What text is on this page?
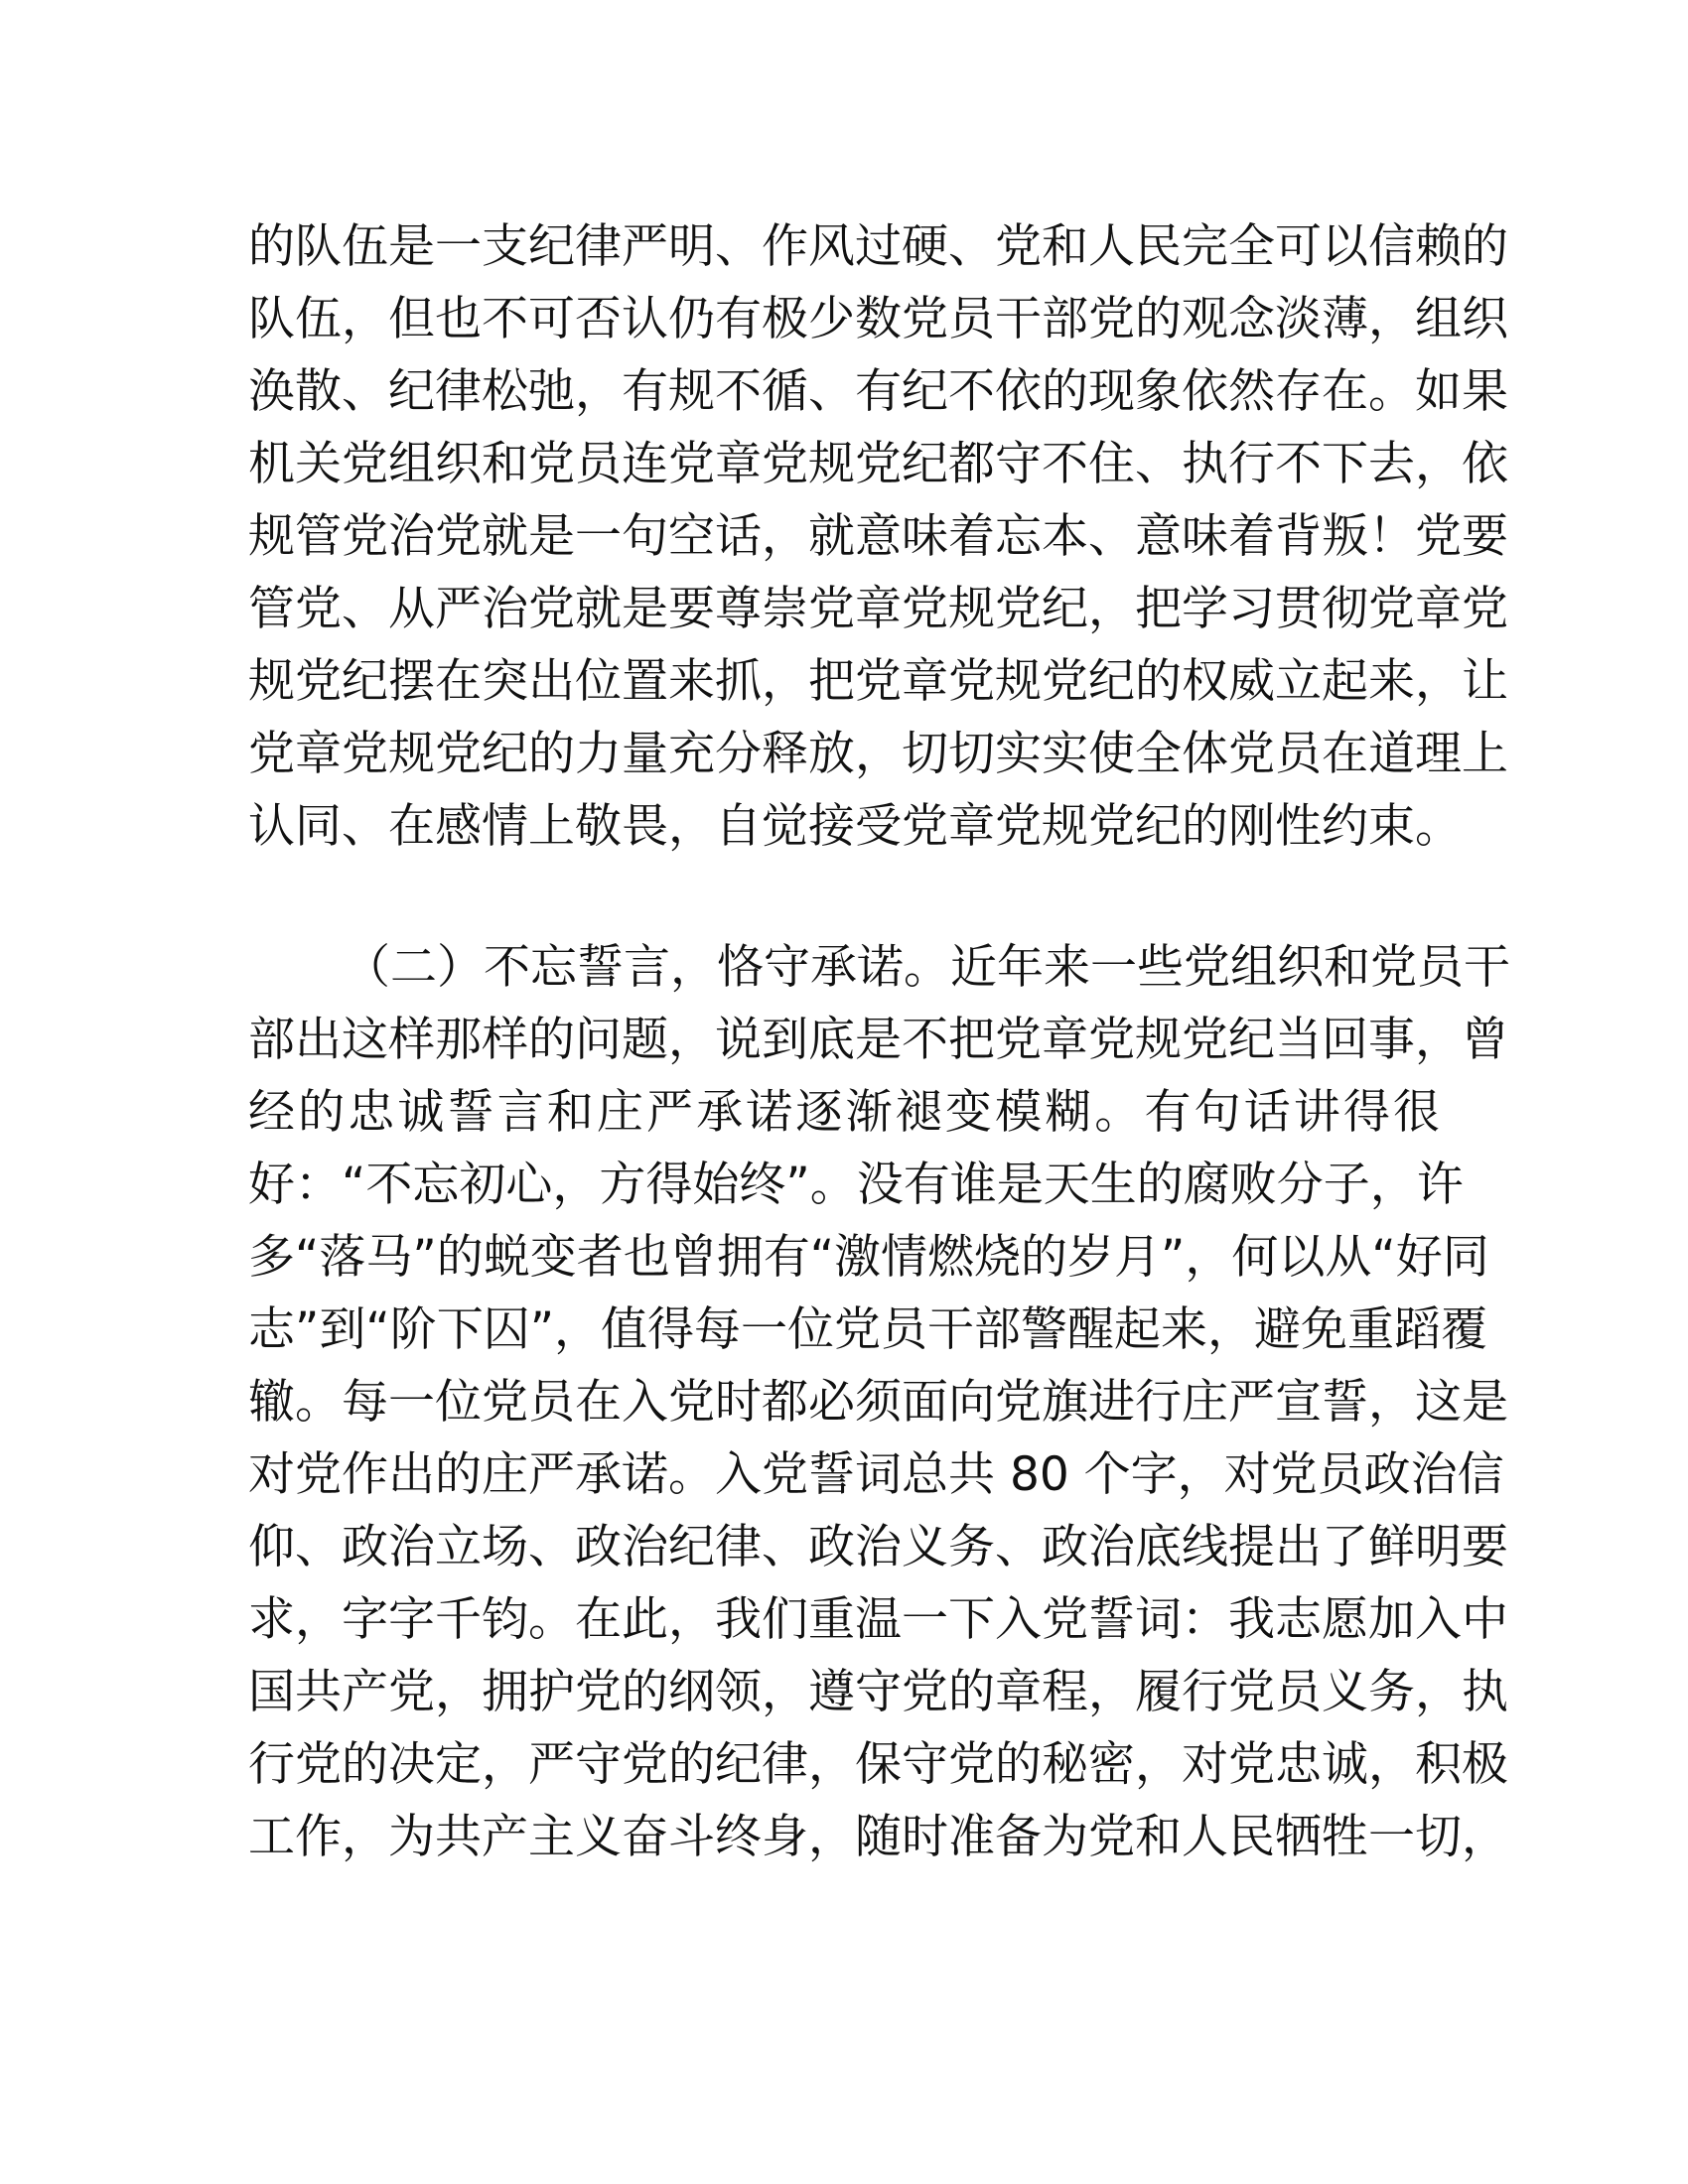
的队伍是一支纪律严明、作风过硬、党和人民完全可以信赖的
队伍，但也不可否认仍有极少数党员干部党的观念淡薄，组织
涣散、纪律松弛，有规不循、有纪不依的现象依然存在。如果
机关党组织和党员连党章党规党纪都守不住、执行不下去，依
规管党治党就是一句空话，就意味着忘本、意味着背叛！党要
管党、从严治党就是要尊崇党章党规党纪，把学习贯彻党章党
规党纪摆在突出位置来抓，把党章党规党纪的权威立起来，让
党章党规党纪的力量充分释放，切切实实使全体党员在道理上
认同、在感情上敬畏，自觉接受党章党规党纪的刚性约束。
（二）不忘誓言，恪守承诺。近年来一些党组织和党员干
部出这样那样的问题，说到底是不把党章党规党纪当回事，曾
经的忠诚誓言和庄严承诺逐渐褪变模糊。有句话讲得很
好：“不忘初心，方得始终”。没有谁是天生的腐败分子，许
多“落马”的蜕变者也曾拥有“激情燃烧的岁月”，何以从“好同
志”到“阶下囚”，值得每一位党员干部警醒起来，避免重蹈覆
辙。每一位党员在入党时都必须面向党旗进行庄严宣誓，这是
对党作出的庄严承诺。入党誓词总共 80 个字，对党员政治信
仰、政治立场、政治纪律、政治义务、政治底线提出了鲜明要
求，字字千钧。在此，我们重温一下入党誓词：我志愿加入中
国共产党，拥护党的纲领，遵守党的章程，履行党员义务，执
行党的决定，严守党的纪律，保守党的秘密，对党忠诚，积极
工作，为共产主义奋斗终身，随时准备为党和人民牺牲一切，
